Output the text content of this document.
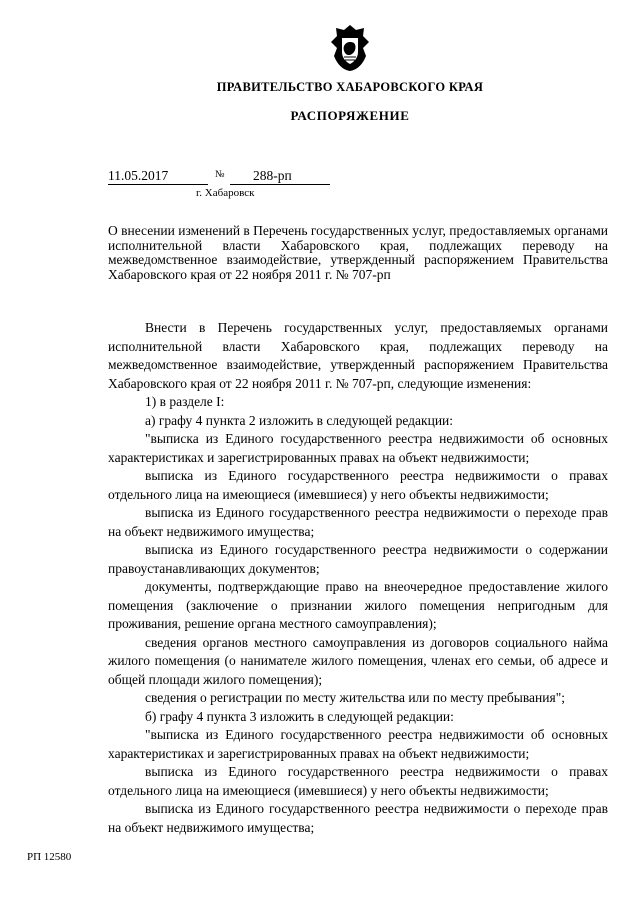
ПРАВИТЕЛЬСТВО ХАБАРОВСКОГО КРАЯ
РАСПОРЯЖЕНИЕ
11.05.2017	№ 288-рп
г. Хабаровск
О внесении изменений в Перечень государственных услуг, предоставляемых органами исполнительной власти Хабаровского края, подлежащих переводу на межведомственное взаимодействие, утвержденный распоряжением Правительства Хабаровского края от 22 ноября 2011 г. № 707-рп

Внести в Перечень государственных услуг, предоставляемых органами исполнительной власти Хабаровского края, подлежащих переводу на межведомственное взаимодействие, утвержденный распоряжением Правительства Хабаровского края от 22 ноября 2011 г. № 707-рп, следующие изменения:

1) в разделе I:

а) графу 4 пункта 2 изложить в следующей редакции:

"выписка из Единого государственного реестра недвижимости об основных характеристиках и зарегистрированных правах на объект недвижимости;

выписка из Единого государственного реестра недвижимости о правах отдельного лица на имеющиеся (имевшиеся) у него объекты недвижимости;

выписка из Единого государственного реестра недвижимости о переходе прав на объект недвижимого имущества;

выписка из Единого государственного реестра недвижимости о содержании правоустанавливающих документов;

документы, подтверждающие право на внеочередное предоставление жилого помещения (заключение о признании жилого помещения непригодным для проживания, решение органа местного самоуправления);

сведения органов местного самоуправления из договоров социального найма жилого помещения (о нанимателе жилого помещения, членах его семьи, об адресе и общей площади жилого помещения);

сведения о регистрации по месту жительства или по месту пребывания";

б) графу 4 пункта 3 изложить в следующей редакции:

"выписка из Единого государственного реестра недвижимости об основных характеристиках и зарегистрированных правах на объект недвижимости;

выписка из Единого государственного реестра недвижимости о правах отдельного лица на имеющиеся (имевшиеся) у него объекты недвижимости;

выписка из Единого государственного реестра недвижимости о переходе прав на объект недвижимого имущества;

РП 12580
